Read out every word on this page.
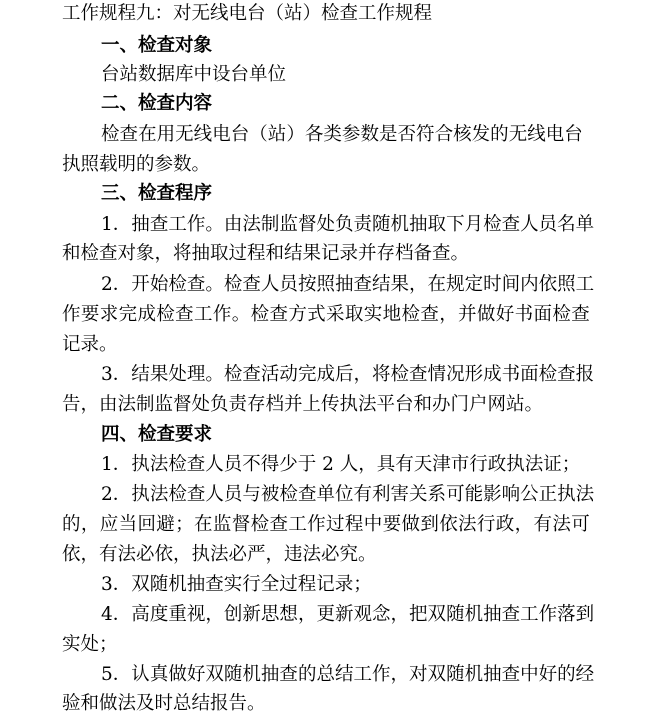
工作规程九：对无线电台（站）检查工作规程
一、检查对象
台站数据库中设台单位
二、检查内容
检 查 在 用 无 线 电 台 （ 站 ） 各 类 参 数 是 否 符 合 核 发 的 无 线 电 台
执照载明的参数。
三、检查程序
1 ． 抽 查 工 作 。 由 法 制 监 督 处 负 责 随 机 抽 取 下 月 检 查 人 员 名 单
和检查对象，将抽取过程和结果记录并存档备查。
2 ． 开 始 检 查 。 检 查 人 员 按 照 抽 查 结 果 ， 在 规 定 时 间 内 依 照 工
作 要 求 完 成 检 查 工 作 。 检 查 方 式 采 取 实 地 检 查 ， 并 做 好 书 面 检 查
记录。
3 ． 结 果 处 理 。 检 查 活 动 完 成 后 ， 将 检 查 情 况 形 成 书 面 检 查 报
告，由法制监督处负责存档并上传执法平台和办门户网站。
四、检查要求
1．执法检查人员不得少于 2 人，具有天津市行政执法证；
2 ． 执 法 检 查 人 员 与 被 检 查 单 位 有 利 害 关 系 可 能 影 响 公 正 执 法
的 ， 应 当 回 避 ； 在 监 督 检 查 工 作 过 程 中 要 做 到 依 法 行 政 ， 有 法 可
依，有法必依，执法必严，违法必究。
3．双随机抽查实行全过程记录；
4 ． 高 度 重 视 ， 创 新 思 想 ， 更 新 观 念 ， 把 双 随 机 抽 查 工 作 落 到
实处；
5 ． 认 真 做 好 双 随 机 抽 查 的 总 结 工 作 ， 对 双 随 机 抽 查 中 好 的 经
验和做法及时总结报告。
